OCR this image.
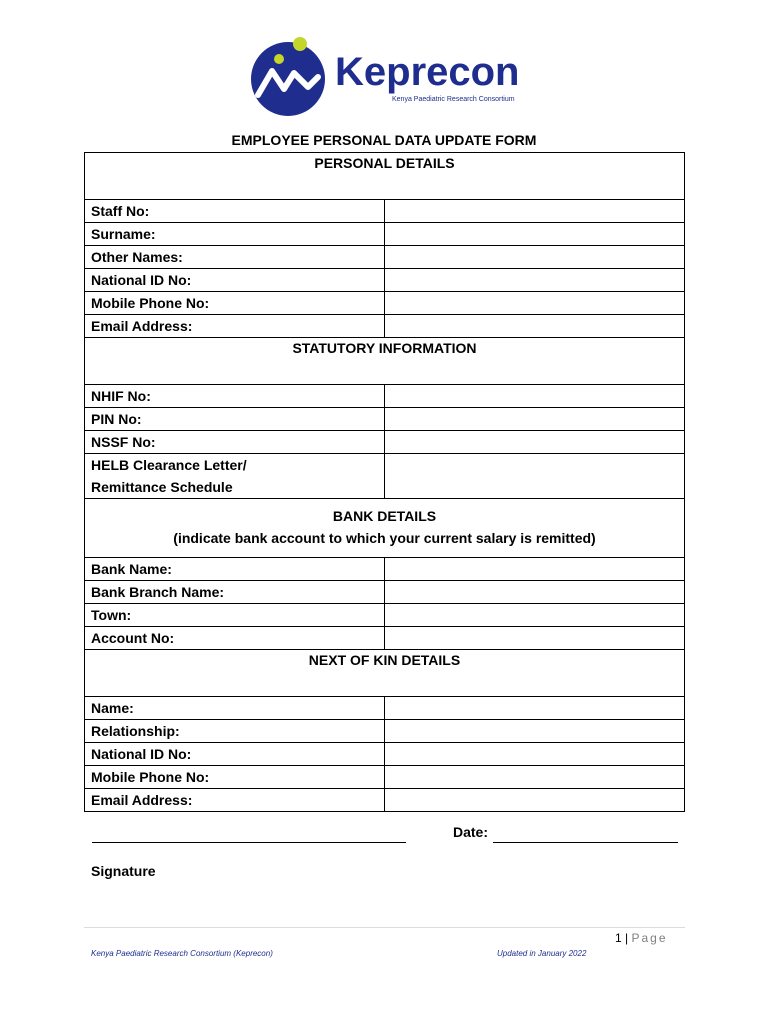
Keprecon
Kenya Paediatric Research Consortium
EMPLOYEE PERSONAL DATA UPDATE FORM
PERSONAL DETAILS	
Staff No:	
Surname:	
Other Names:	
National ID No:	
Mobile Phone No:	
Email Address:	
STATUTORY INFORMATION	
NHIF No:	
PIN No:	
NSSF No:	

HELB Clearance Letter/
Remittance Schedule	

BANK DETAILS
(indicate bank account to which your current salary is remitted)	

Bank Name:	
Bank Branch Name:	
Town:	
Account No:	
NEXT OF KIN DETAILS	
Name:	
Relationship:	
National ID No:	
Mobile Phone No:	
Email Address:	
Date:
Signature
1 | Page
Kenya Paediatric Research Consortium (Keprecon)	Updated in January 2022
